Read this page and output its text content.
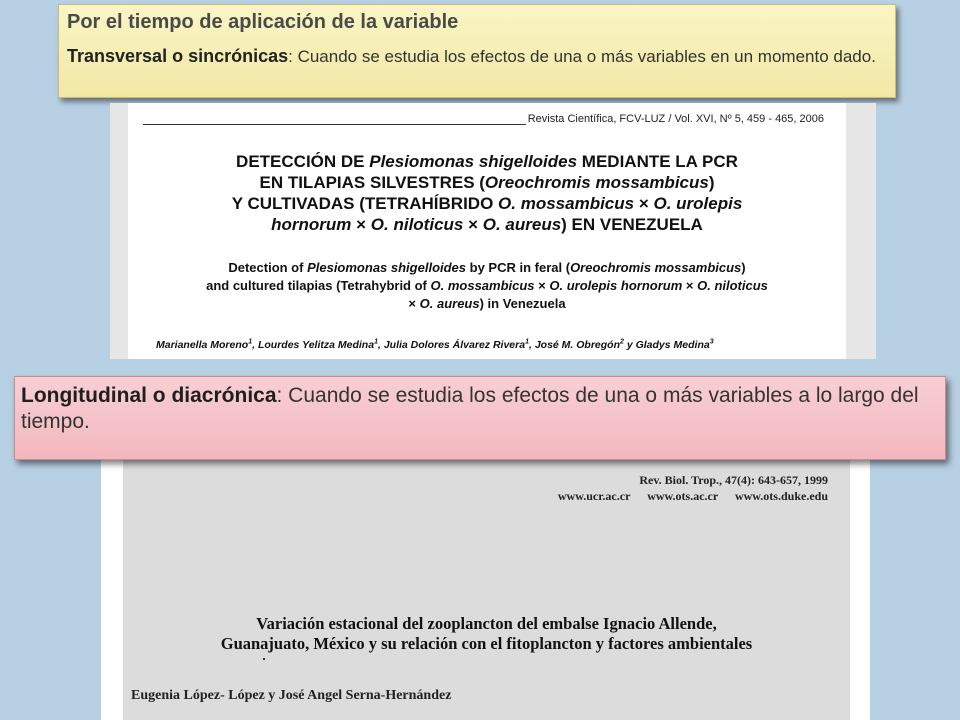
Por el tiempo de aplicación de la variable
Transversal o sincrónicas: Cuando se estudia los efectos de una o más variables en un momento dado.
Revista Científica, FCV-LUZ / Vol. XVI, Nº 5, 459 - 465, 2006
DETECCIÓN DE Plesiomonas shigelloides MEDIANTE LA PCR
EN TILAPIAS SILVESTRES (Oreochromis mossambicus)
Y CULTIVADAS (TETRAHÍBRIDO O. mossambicus × O. urolepis
hornorum × O. niloticus × O. aureus) EN VENEZUELA
Detection of Plesiomonas shigelloides by PCR in feral (Oreochromis mossambicus)
and cultured tilapias (Tetrahybrid of O. mossambicus × O. urolepis hornorum × O. niloticus
× O. aureus) in Venezuela
Marianella Moreno$^1$, Lourdes Yelitza Medina$^1$, Julia Dolores Álvarez Rivera$^1$, José M. Obregón$^2$ y Gladys Medina$^3$
Rev. Biol. Trop., 47(4): 643-657, 1999
www.ucr.ac.cr www.ots.ac.cr www.ots.duke.edu
Variación estacional del zooplancton del embalse Ignacio Allende,
Guanajuato, México y su relación con el fitoplancton y factores ambientales
Eugenia López- López y José Angel Serna-Hernández
Longitudinal o diacrónica: Cuando se estudia los efectos de una o más variables a lo largo del tiempo.
